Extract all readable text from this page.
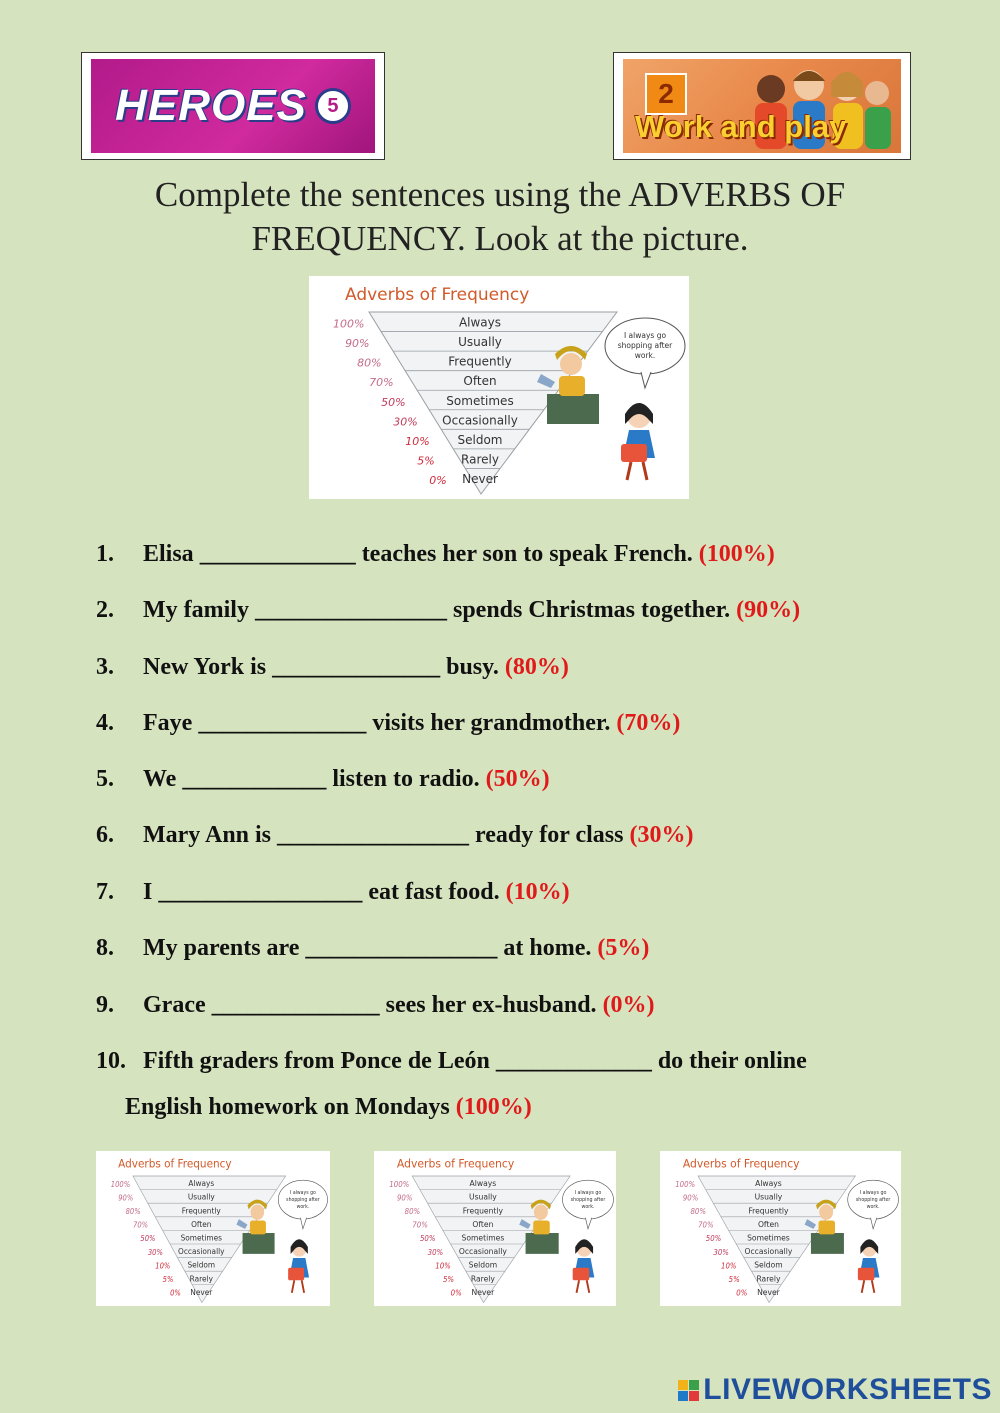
HEROES	5	2
Work and play
Complete the sentences using the ADVERBS OF
FREQUENCY. Look at the picture.
Adverbs of Frequency
Always
100%
Usually
90%
Frequently
80%
Often
70%
Sometimes
50%
Occasionally
30%
Seldom
10%
Rarely
5%
Never
0%
I always go
shopping after
work.
Adverbs of Frequency
Always
100%
Usually
90%
Frequently
80%
Often
70%
Sometimes
50%
Occasionally
30%
Seldom
10%
Rarely
5%
Never
0%
I always go
shopping after
work.
Adverbs of Frequency
Always
100%
Usually
90%
Frequently
80%
Often
70%
Sometimes
50%
Occasionally
30%
Seldom
10%
Rarely
5%
Never
0%
I always go
shopping after
work.
Adverbs of Frequency
Always
100%
Usually
90%
Frequently
80%
Often
70%
Sometimes
50%
Occasionally
30%
Seldom
10%
Rarely
5%
Never
0%
I always go
shopping after
work.
1. Elisa _____________ teaches her son to speak French. (100%)
2. My family ________________ spends Christmas together. (90%)
3. New York is ______________ busy. (80%)
4. Faye ______________ visits her grandmother. (70%)
5. We ____________ listen to radio. (50%)
6. Mary Ann is ________________ ready for class (30%)
7. I _________________ eat fast food. (10%)
8. My parents are ________________ at home. (5%)
9. Grace ______________ sees her ex-husband. (0%)
10. Fifth graders from Ponce de León _____________ do their online
English homework on Mondays (100%)
LIVEWORKSHEETS
